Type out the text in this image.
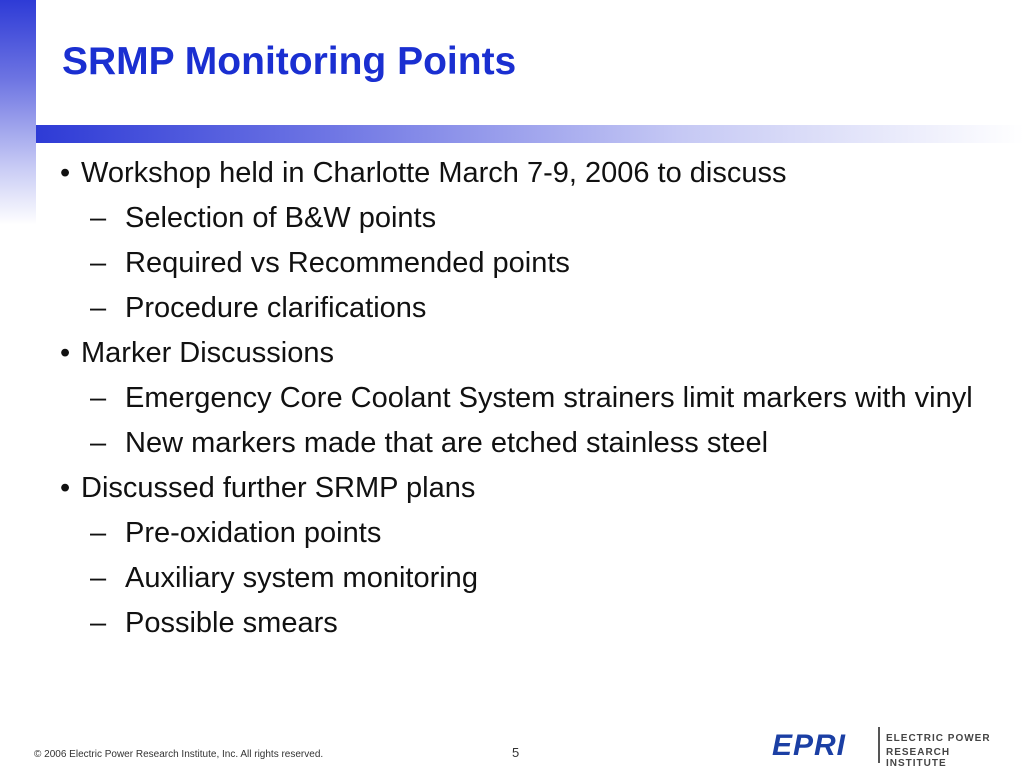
SRMP Monitoring Points
• Workshop held in Charlotte March 7-9, 2006 to discuss
– Selection of B&W points
– Required vs Recommended points
– Procedure clarifications
• Marker Discussions
– Emergency Core Coolant System strainers limit markers with vinyl
– New markers made that are etched stainless steel
• Discussed further SRMP plans
– Pre-oxidation points
– Auxiliary system monitoring
– Possible smears
© 2006 Electric Power Research Institute, Inc. All rights reserved.	5	EPRI	ELECTRIC POWER
RESEARCH INSTITUTE
